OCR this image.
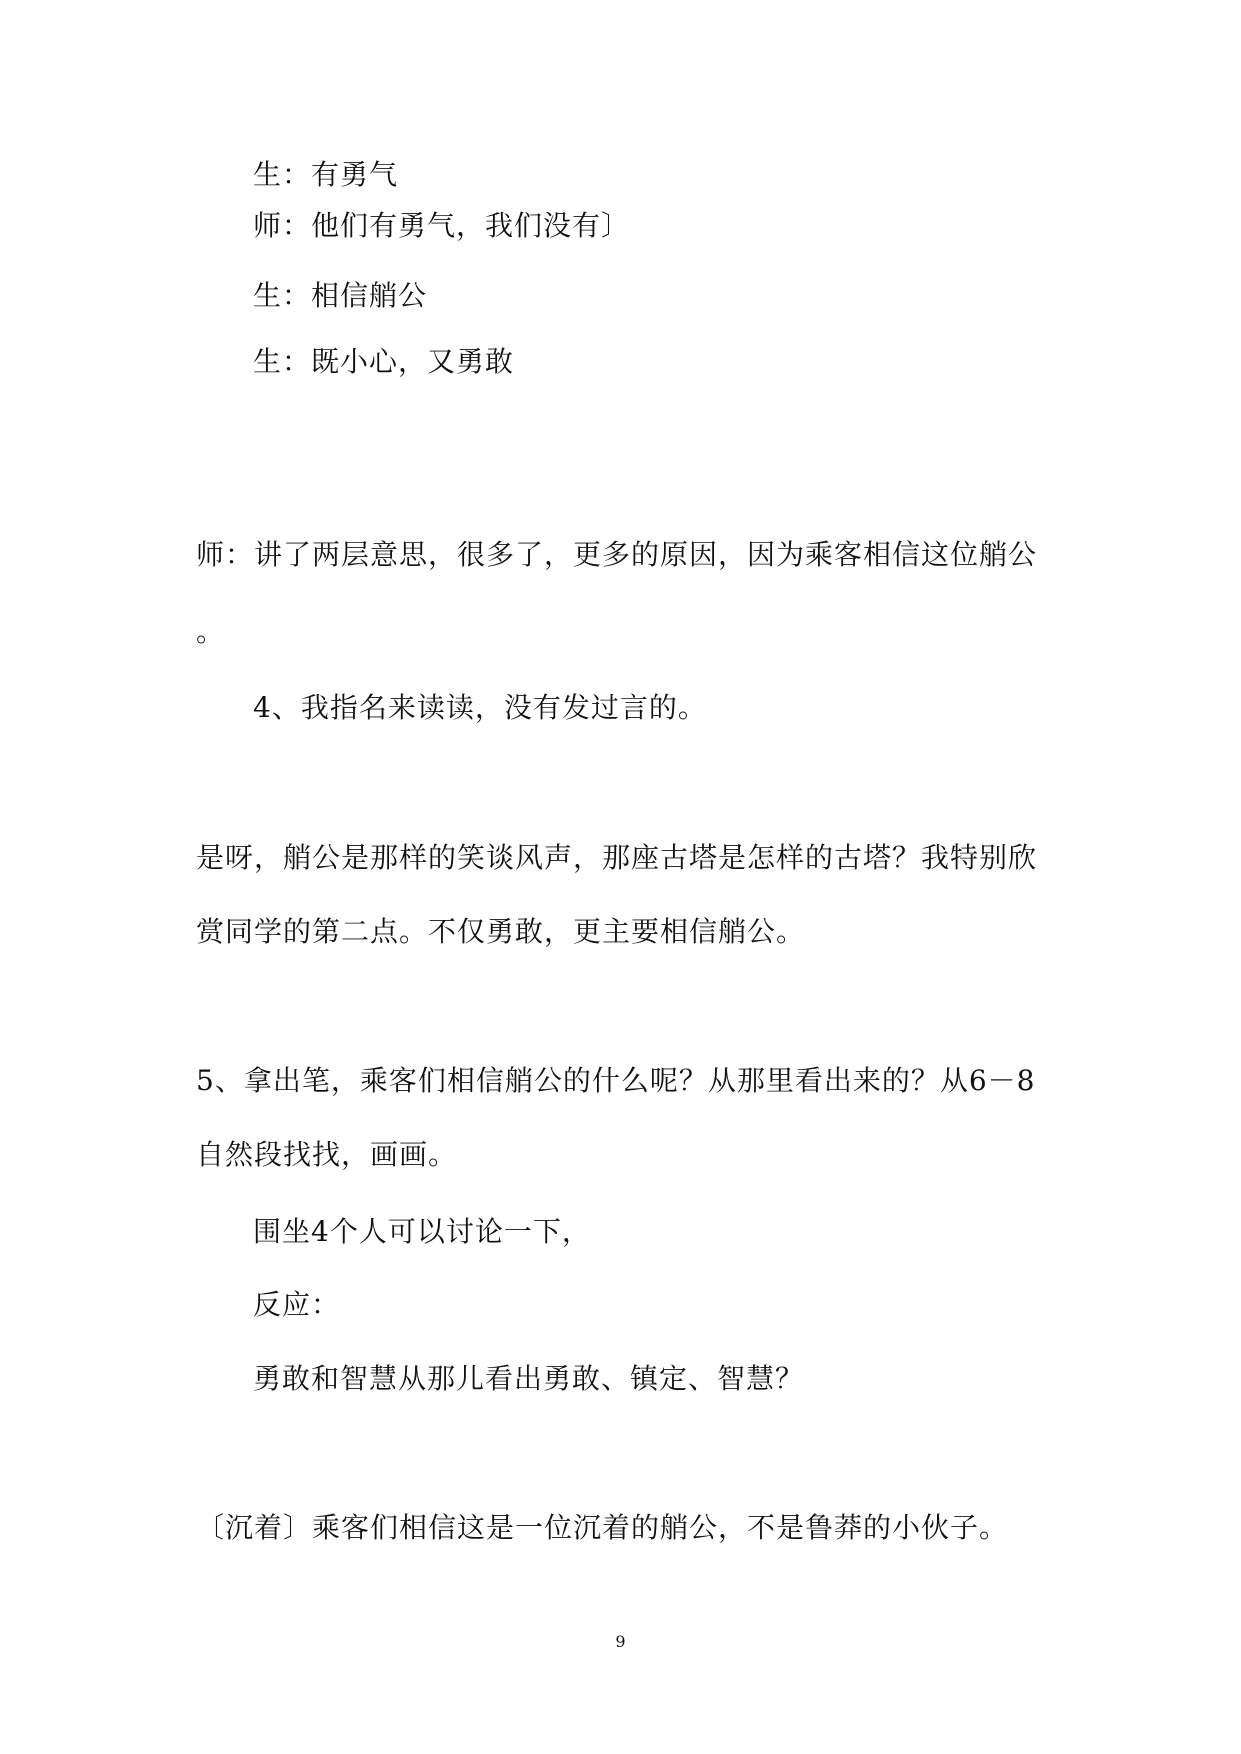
生：有勇气
师：他们有勇气，我们没有〕
生：相信艄公
生：既小心，又勇敢
师：讲了两层意思，很多了，更多的原因，因为乘客相信这位艄公
。
4、我指名来读读，没有发过言的。
是呀，艄公是那样的笑谈风声，那座古塔是怎样的古塔？我特别欣
赏同学的第二点。不仅勇敢，更主要相信艄公。
5、拿出笔，乘客们相信艄公的什么呢？从那里看出来的？从6－8
自然段找找，画画。
围坐4个人可以讨论一下，
反应：
勇敢和智慧从那儿看出勇敢、镇定、智慧？
〔沉着〕乘客们相信这是一位沉着的艄公，不是鲁莽的小伙子。
9
